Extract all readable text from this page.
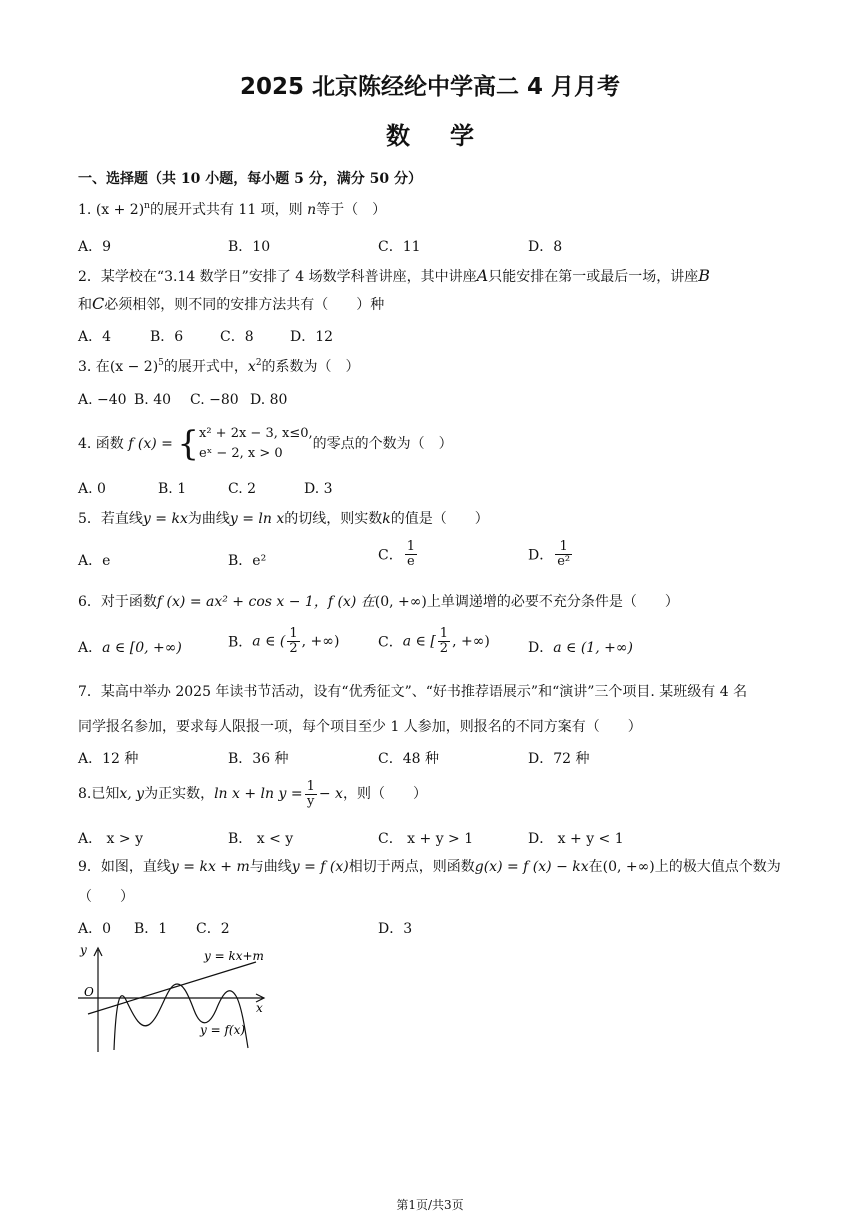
2025 北京陈经纶中学高二 4 月月考
数学
一、选择题（共 10 小题，每小题 5 分，满分 50 分）
1. $(x + 2)^n$的展开式共有 11 项，则 n等于（　）
A．9	B．10	C．11	D．8
2．某学校在“3.14 数学日”安排了 4 场数学科普讲座，其中讲座A只能安排在第一或最后一场，讲座B
和C必须相邻，则不同的安排方法共有（　　）种
A．4	B．6	C．8	D．12
3. 在$(x - 2)^5$的展开式中，$x^2$的系数为（　）
A. −40 B. 40 C. −80 D. 80
4. 函数 f (x) = { x² + 2x − 3, x≤0,
eˣ − 2, x > 0
的零点的个数为（　）
A. 0	B. 1	C. 2	D. 3
5．若直线y = kx为曲线y = ln x的切线，则实数k的值是（　　）
A．e	B．e²	C． $\frac{1}{e}$	D． $\frac{1}{\text{e²}}$
6．对于函数f (x) = ax² + cos x − 1，f (x) 在(0, +∞)上单调递增的必要不充分条件是（　　）
A．a ∈ [0, +∞)	B．a ∈ ( $\frac{1}{2}$ , +∞)	C．a ∈ [ $\frac{1}{2}$ , +∞)	D．a ∈ (1, +∞)
7．某高中举办 2025 年读书节活动，设有“优秀征文”、“好书推荐语展示”和“演讲”三个项目. 某班级有 4 名
同学报名参加，要求每人限报一项，每个项目至少 1 人参加，则报名的不同方案有（　　）
A．12 种	B．36 种	C．48 种	D．72 种
8.已知x, y为正实数，$\ln x + \ln y = \frac{1}{y} - x$，则（　　）
A． x > y	B． x < y	C． x + y > 1	D． x + y < 1
9．如图，直线y = kx + m与曲线y = f (x)相切于两点，则函数g(x) = f (x) − kx在(0, +∞)上的极大值点个数为
（　　）
A．0 B．1 C．2	D．3
y
x
O
y = kx+m
y = f(x)
第1页/共3页
